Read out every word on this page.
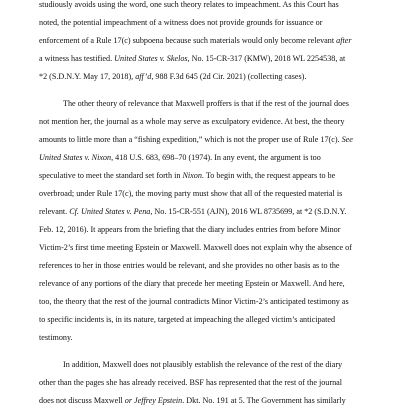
studiously avoids using the word, one such theory relates to impeachment. As this Court has
noted, the potential impeachment of a witness does not provide grounds for issuance or
enforcement of a Rule 17(c) subpoena because such materials would only become relevant after
a witness has testified. United States v. Skelos, No. 15-CR-317 (KMW), 2018 WL 2254538, at
*2 (S.D.N.Y. May 17, 2018), aff’d, 988 F.3d 645 (2d Cir. 2021) (collecting cases).
The other theory of relevance that Maxwell proffers is that if the rest of the journal does
not mention her, the journal as a whole may serve as exculpatory evidence. At best, the theory
amounts to little more than a “fishing expedition,” which is not the proper use of Rule 17(c). See
United States v. Nixon, 418 U.S. 683, 698–70 (1974). In any event, the argument is too
speculative to meet the standard set forth in Nixon. To begin with, the request appears to be
overbroad; under Rule 17(c), the moving party must show that all of the requested material is
relevant. Cf. United States v. Pena, No. 15-CR-551 (AJN), 2016 WL 8735699, at *2 (S.D.N.Y.
Feb. 12, 2016). It appears from the briefing that the diary includes entries from before Minor
Victim-2’s first time meeting Epstein or Maxwell. Maxwell does not explain why the absence of
references to her in those entries would be relevant, and she provides no other basis as to the
relevance of any portions of the diary that precede her meeting Epstein or Maxwell. And here,
too, the theory that the rest of the journal contradicts Minor Victim-2’s anticipated testimony as
to specific incidents is, in its nature, targeted at impeaching the alleged victim’s anticipated
testimony.
In addition, Maxwell does not plausibly establish the relevance of the rest of the diary
other than the pages she has already received. BSF has represented that the rest of the journal
does not discuss Maxwell or Jeffrey Epstein. Dkt. No. 191 at 5. The Government has similarly
